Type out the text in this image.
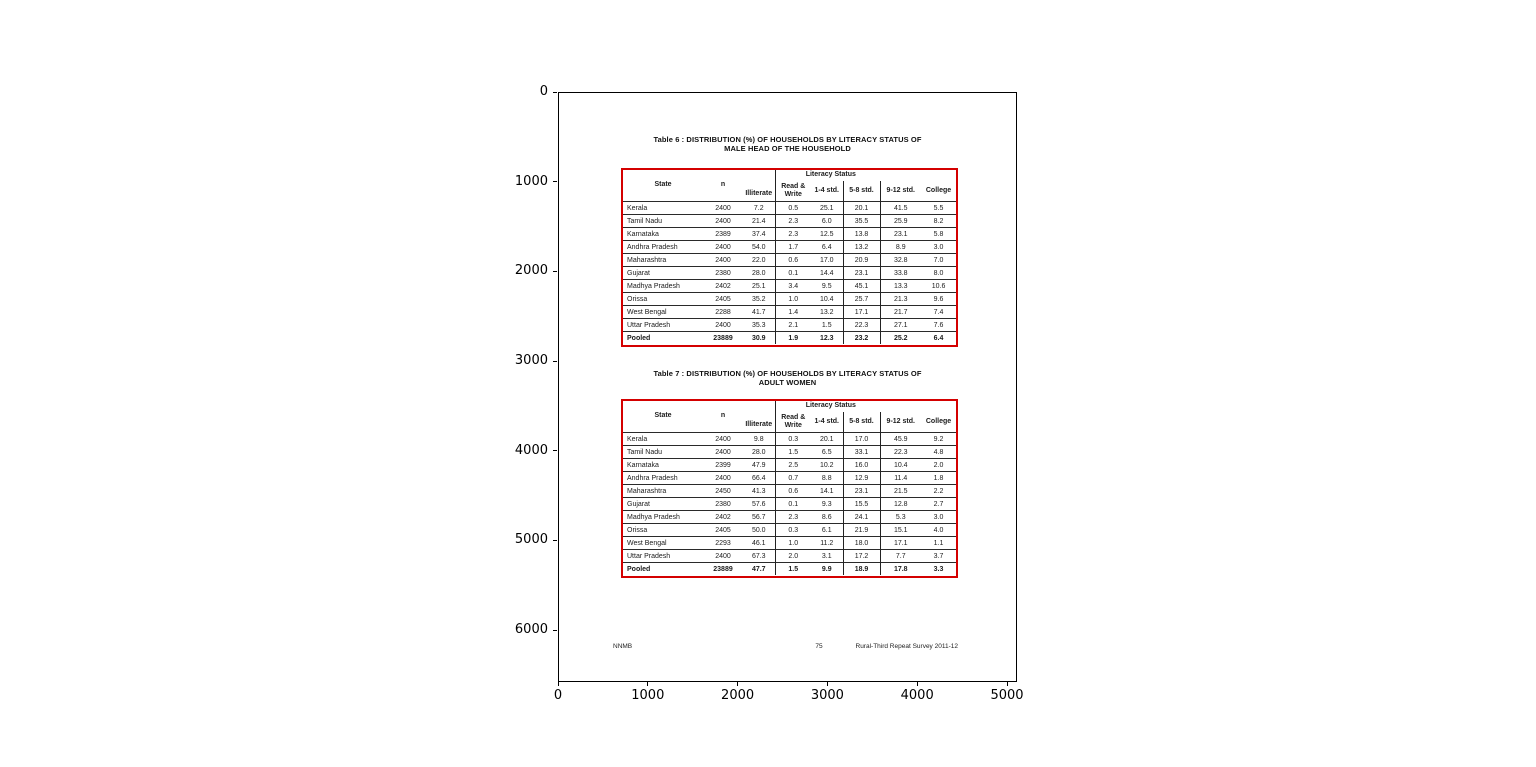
0	1000	2000	3000	4000	5000
0
1000
2000
3000
4000
5000
6000
Table 6 : DISTRIBUTION (%) OF HOUSEHOLDS BY LITERACY STATUS OF
MALE HEAD OF THE HOUSEHOLD
State	n	Illiterate	Literacy Status				
			Read & Write	1-4 std.	5-8 std.	9-12 std.	College
Kerala	2400	7.2	0.5	25.1	20.1	41.5	5.5
Tamil Nadu	2400	21.4	2.3	6.0	35.5	25.9	8.2
Karnataka	2389	37.4	2.3	12.5	13.8	23.1	5.8
Andhra Pradesh	2400	54.0	1.7	6.4	13.2	8.9	3.0
Maharashtra	2400	22.0	0.6	17.0	20.9	32.8	7.0
Gujarat	2380	28.0	0.1	14.4	23.1	33.8	8.0
Madhya Pradesh	2402	25.1	3.4	9.5	45.1	13.3	10.6
Orissa	2405	35.2	1.0	10.4	25.7	21.3	9.6
West Bengal	2288	41.7	1.4	13.2	17.1	21.7	7.4
Uttar Pradesh	2400	35.3	2.1	1.5	22.3	27.1	7.6
Pooled	23889	30.9	1.9	12.3	23.2	25.2	6.4
Table 7 : DISTRIBUTION (%) OF HOUSEHOLDS BY LITERACY STATUS OF
ADULT WOMEN
State	n	Illiterate	Literacy Status				
			Read & Write	1-4 std.	5-8 std.	9-12 std.	College
Kerala	2400	9.8	0.3	20.1	17.0	45.9	9.2
Tamil Nadu	2400	28.0	1.5	6.5	33.1	22.3	4.8
Karnataka	2399	47.9	2.5	10.2	16.0	10.4	2.0
Andhra Pradesh	2400	66.4	0.7	8.8	12.9	11.4	1.8
Maharashtra	2450	41.3	0.6	14.1	23.1	21.5	2.2
Gujarat	2380	57.6	0.1	9.3	15.5	12.8	2.7
Madhya Pradesh	2402	56.7	2.3	8.6	24.1	5.3	3.0
Orissa	2405	50.0	0.3	6.1	21.9	15.1	4.0
West Bengal	2293	46.1	1.0	11.2	18.0	17.1	1.1
Uttar Pradesh	2400	67.3	2.0	3.1	17.2	7.7	3.7
Pooled	23889	47.7	1.5	9.9	18.9	17.8	3.3
NNMB	75	Rural-Third Repeat Survey 2011-12
